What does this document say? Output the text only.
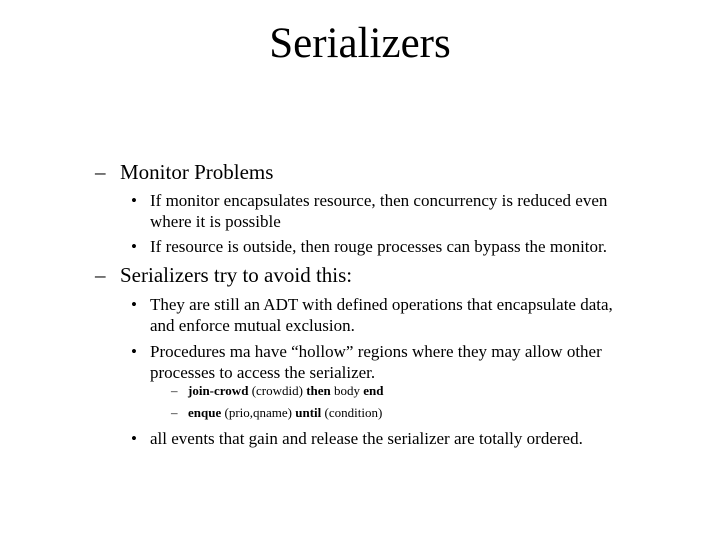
Serializers
– Monitor Problems
• If monitor encapsulates resource, then concurrency is reduced even
where it is possible
• If resource is outside, then rouge processes can bypass the monitor.
– Serializers try to avoid this:
• They are still an ADT with defined operations that encapsulate data,
and enforce mutual exclusion.
• Procedures ma have “hollow” regions where they may allow other
processes to access the serializer.
– join-crowd (crowdid) then body end
– enque (prio,qname) until (condition)
• all events that gain and release the serializer are totally ordered.
